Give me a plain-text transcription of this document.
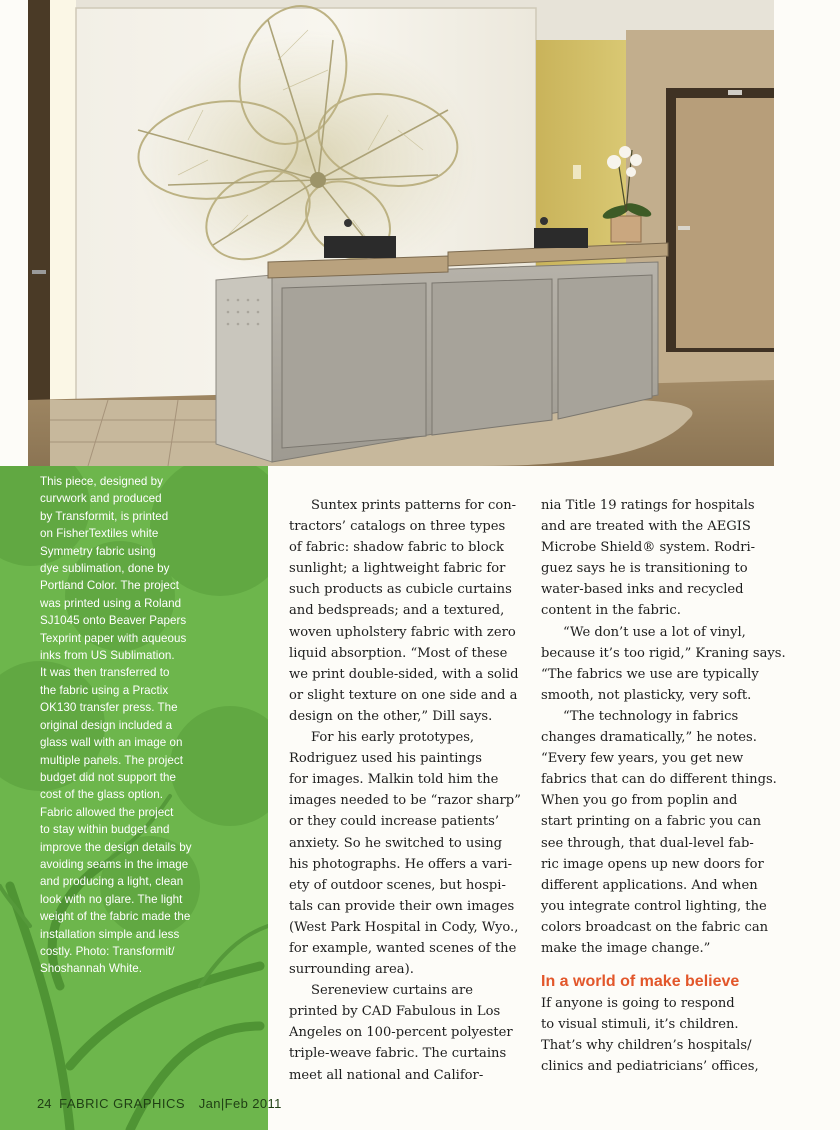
This piece, designed by

curvwork and produced

by Transformit, is printed

on FisherTextiles white

Symmetry fabric using

dye sublimation, done by

Portland Color. The project

was printed using a Roland

SJ1045 onto Beaver Papers

Texprint paper with aqueous

inks from US Sublimation.

It was then transferred to

the fabric using a Practix

OK130 transfer press. The

original design included a

glass wall with an image on

multiple panels. The project

budget did not support the

cost of the glass option.

Fabric allowed the project

to stay within budget and

improve the design details by

avoiding seams in the image

and producing a light, clean

look with no glare. The light

weight of the fabric made the

installation simple and less

costly. Photo: Transformit/

Shoshannah White.

Suntex prints patterns for con-
tractors’ catalogs on three types
of fabric: shadow fabric to block
sunlight; a lightweight fabric for
such products as cubicle curtains
and bedspreads; and a textured,
woven upholstery fabric with zero
liquid absorption. “Most of these
we print double-sided, with a solid
or slight texture on one side and a
design on the other,” Dill says.

For his early prototypes,
Rodriguez used his paintings
for images. Malkin told him the
images needed to be “razor sharp”
or they could increase patients’
anxiety. So he switched to using
his photographs. He offers a vari-
ety of outdoor scenes, but hospi-
tals can provide their own images
(West Park Hospital in Cody, Wyo.,
for example, wanted scenes of the
surrounding area).

Sereneview curtains are
printed by CAD Fabulous in Los
Angeles on 100-percent polyester
triple-weave fabric. The curtains
meet all national and Califor-

nia Title 19 ratings for hospitals
and are treated with the AEGIS
Microbe Shield® system. Rodri-
guez says he is transitioning to
water-based inks and recycled
content in the fabric.

“We don’t use a lot of vinyl,
because it’s too rigid,” Kraning says.
“The fabrics we use are typically
smooth, not plasticky, very soft.

“The technology in fabrics
changes dramatically,” he notes.
“Every few years, you get new
fabrics that can do different things.
When you go from poplin and
start printing on a fabric you can
see through, that dual-level fab-
ric image opens up new doors for
different applications. And when
you integrate control lighting, the
colors broadcast on the fabric can
make the image change.”

In a world of make believe

If anyone is going to respond
to visual stimuli, it’s children.
That’s why children’s hospitals/
clinics and pediatricians’ offices,

24 FABRIC GRAPHICS Jan|Feb 2011
